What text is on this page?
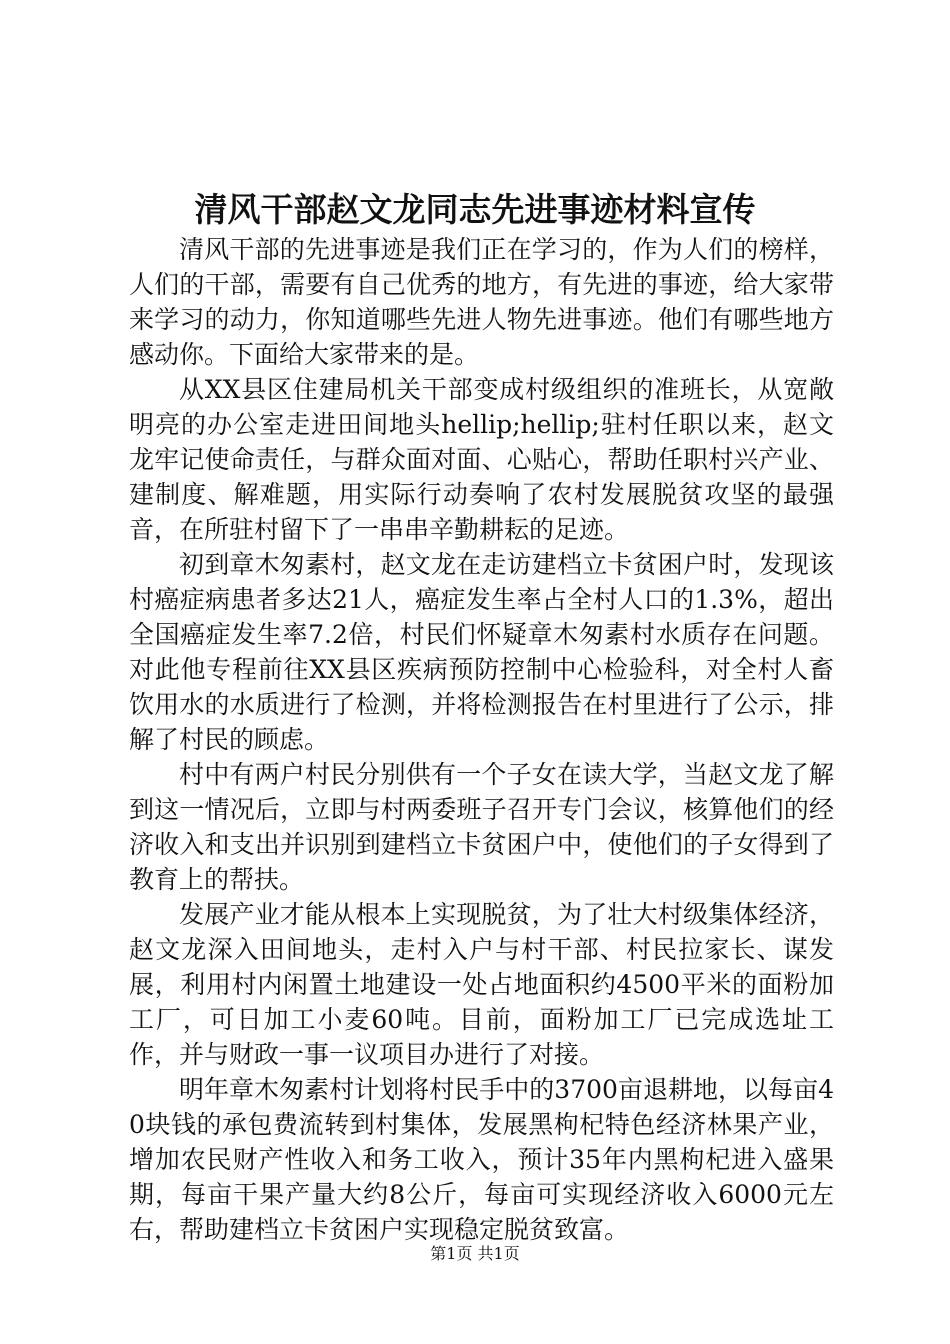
清风干部赵文龙同志先进事迹材料宣传

清风干部的先进事迹是我们正在学习的，作为人们的榜样，人们的干部，需要有自己优秀的地方，有先进的事迹，给大家带来学习的动力，你知道哪些先进人物先进事迹。他们有哪些地方感动你。下面给大家带来的是。

从XX县区住建局机关干部变成村级组织的准班长，从宽敞明亮的办公室走进田间地头hellip;hellip;驻村任职以来，赵文龙牢记使命责任，与群众面对面、心贴心，帮助任职村兴产业、建制度、解难题，用实际行动奏响了农村发展脱贫攻坚的最强音，在所驻村留下了一串串辛勤耕耘的足迹。

初到章木匆素村，赵文龙在走访建档立卡贫困户时，发现该村癌症病患者多达21人，癌症发生率占全村人口的1.3%，超出全国癌症发生率7.2倍，村民们怀疑章木匆素村水质存在问题。对此他专程前往XX县区疾病预防控制中心检验科，对全村人畜饮用水的水质进行了检测，并将检测报告在村里进行了公示，排解了村民的顾虑。

村中有两户村民分别供有一个子女在读大学，当赵文龙了解到这一情况后，立即与村两委班子召开专门会议，核算他们的经济收入和支出并识别到建档立卡贫困户中，使他们的子女得到了教育上的帮扶。

发展产业才能从根本上实现脱贫，为了壮大村级集体经济，赵文龙深入田间地头，走村入户与村干部、村民拉家长、谋发展，利用村内闲置土地建设一处占地面积约4500平米的面粉加工厂，可日加工小麦60吨。目前，面粉加工厂已完成选址工作，并与财政一事一议项目办进行了对接。

明年章木匆素村计划将村民手中的3700亩退耕地，以每亩40块钱的承包费流转到村集体，发展黑枸杞特色经济林果产业，增加农民财产性收入和务工收入，预计35年内黑枸杞进入盛果期，每亩干果产量大约8公斤，每亩可实现经济收入6000元左右，帮助建档立卡贫困户实现稳定脱贫致富。

第1页 共1页
